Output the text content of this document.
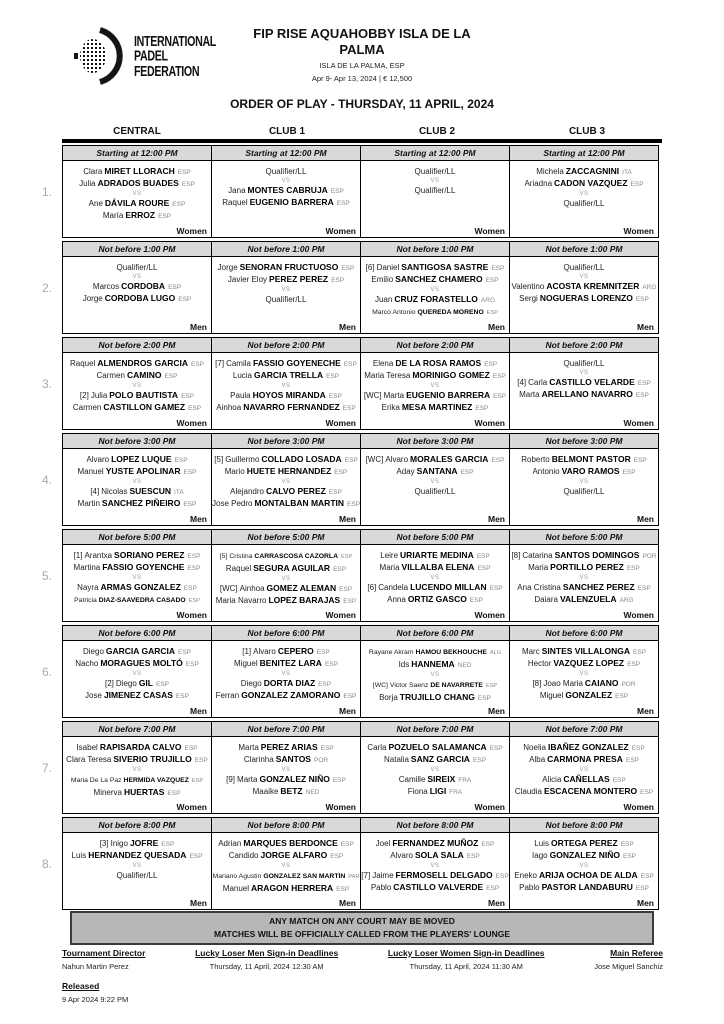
INTERNATIONAL
PADEL
FEDERATION
FIP RISE AQUAHOBBY ISLA DE LA PALMA
ISLA DE LA PALMA, ESP
Apr 9- Apr 13, 2024 | € 12,500
ORDER OF PLAY - THURSDAY, 11 APRIL, 2024
CENTRAL	CLUB 1	CLUB 2	CLUB 3
1.
Starting at 12:00 PM
Clara MIRET LLORACH ESP
Julia ADRADOS BUADES ESP
VS
Ane DÁVILA ROURE ESP
María ERROZ ESP
Women
Starting at 12:00 PM
Qualifier/LL
VS
Jana MONTES CABRUJA ESP
Raquel EUGENIO BARRERA ESP
Women
Starting at 12:00 PM
Qualifier/LL
VS
Qualifier/LL
Women
Starting at 12:00 PM
Michela ZACCAGNINI ITA
Ariadna CADON VAZQUEZ ESP
VS
Qualifier/LL
Women
2.
Not before 1:00 PM
Qualifier/LL
VS
Marcos CORDOBA ESP
Jorge CORDOBA LUGO ESP
Men
Not before 1:00 PM
Jorge SENORAN FRUCTUOSO ESP
Javier Eloy PEREZ PEREZ ESP
VS
Qualifier/LL
Men
Not before 1:00 PM
[6] Daniel SANTIGOSA SASTRE ESP
Emilio SANCHEZ CHAMERO ESP
VS
Juan CRUZ FORASTELLO ARG
Marco Antonio QUEREDA MORENO ESP
Men
Not before 1:00 PM
Qualifier/LL
VS
Valentino ACOSTA KREMNITZER ARG
Sergi NOGUERAS LORENZO ESP
Men
3.
Not before 2:00 PM
Raquel ALMENDROS GARCIA ESP
Carmen CAMINO ESP
VS
[2] Julia POLO BAUTISTA ESP
Carmen CASTILLON GAMEZ ESP
Women
Not before 2:00 PM
[7] Camila FASSIO GOYENECHE ESP
Lucia GARCIA TRELLA ESP
VS
Paula HOYOS MIRANDA ESP
Ainhoa NAVARRO FERNANDEZ ESP
Women
Not before 2:00 PM
Elena DE LA ROSA RAMOS ESP
Maria Teresa MORINIGO GOMEZ ESP
VS
[WC] Marta EUGENIO BARRERA ESP
Erika MESA MARTINEZ ESP
Women
Not before 2:00 PM
Qualifier/LL
VS
[4] Carla CASTILLO VELARDE ESP
Marta ARELLANO NAVARRO ESP
Women
4.
Not before 3:00 PM
Alvaro LOPEZ LUQUE ESP
Manuel YUSTE APOLINAR ESP
VS
[4] Nicolas SUESCUN ITA
Martin SANCHEZ PIÑEIRO ESP
Men
Not before 3:00 PM
[5] Guillermo COLLADO LOSADA ESP
Mario HUETE HERNANDEZ ESP
VS
Alejandro CALVO PEREZ ESP
Jose Pedro MONTALBAN MARTIN ESP
Men
Not before 3:00 PM
[WC] Alvaro MORALES GARCIA ESP
Aday SANTANA ESP
VS
Qualifier/LL
Men
Not before 3:00 PM
Roberto BELMONT PASTOR ESP
Antonio VARO RAMOS ESP
VS
Qualifier/LL
Men
5.
Not before 5:00 PM
[1] Arantxa SORIANO PEREZ ESP
Martina FASSIO GOYENCHE ESP
VS
Nayra ARMAS GONZALEZ ESP
Patricia DIAZ-SAAVEDRA CASADO ESP
Women
Not before 5:00 PM
[5] Cristina CARRASCOSA CAZORLA ESP
Raquel SEGURA AGUILAR ESP
VS
[WC] Ainhoa GOMEZ ALEMAN ESP
Maria Navarro LOPEZ BARAJAS ESP
Women
Not before 5:00 PM
Leire URIARTE MEDINA ESP
Maria VILLALBA ELENA ESP
VS
[6] Candela LUCENDO MILLAN ESP
Anna ORTIZ GASCO ESP
Women
Not before 5:00 PM
[8] Catarina SANTOS DOMINGOS POR
Maria PORTILLO PEREZ ESP
VS
Ana Cristina SANCHEZ PEREZ ESP
Daiara VALENZUELA ARG
Women
6.
Not before 6:00 PM
Diego GARCIA GARCIA ESP
Nacho MORAGUES MOLTÓ ESP
VS
[2] Diego GIL ESP
Jose JIMENEZ CASAS ESP
Men
Not before 6:00 PM
[1] Alvaro CEPERO ESP
Miguel BENITEZ LARA ESP
VS
Diego DORTA DIAZ ESP
Ferran GONZALEZ ZAMORANO ESP
Men
Not before 6:00 PM
Rayane Akram HAMOU BEKHOUCHE ALG
Ids HANNEMA NED
VS
[WC] Victor Saenz DE NAVARRETE ESP
Borja TRUJILLO CHANG ESP
Men
Not before 6:00 PM
Marc SINTES VILLALONGA ESP
Hector VAZQUEZ LOPEZ ESP
VS
[8] Joao Maria CAIANO POR
Miguel GONZALEZ ESP
Men
7.
Not before 7:00 PM
Isabel RAPISARDA CALVO ESP
Clara Teresa SIVERIO TRUJILLO ESP
VS
Maria De La Paz HERMIDA VAZQUEZ ESP
Minerva HUERTAS ESP
Women
Not before 7:00 PM
Marta PEREZ ARIAS ESP
Clarinha SANTOS POR
VS
[9] Marta GONZALEZ NIÑO ESP
Maaike BETZ NED
Women
Not before 7:00 PM
Carla POZUELO SALAMANCA ESP
Natalia SANZ GARCIA ESP
VS
Camille SIREIX FRA
Fiona LIGI FRA
Women
Not before 7:00 PM
Noelia IBAÑEZ GONZALEZ ESP
Alba CARMONA PRESA ESP
VS
Alicia CAÑELLAS ESP
Claudia ESCACENA MONTERO ESP
Women
8.
Not before 8:00 PM
[3] Inigo JOFRE ESP
Luis HERNANDEZ QUESADA ESP
VS
Qualifier/LL
Men
Not before 8:00 PM
Adrian MARQUES BERDONCE ESP
Candido JORGE ALFARO ESP
VS
Mariano Agustin GONZALEZ SAN MARTIN PAR
Manuel ARAGON HERRERA ESP
Men
Not before 8:00 PM
Joel FERNANDEZ MUÑOZ ESP
Alvaro SOLA SALA ESP
VS
[7] Jaime FERMOSELL DELGADO ESP
Pablo CASTILLO VALVERDE ESP
Men
Not before 8:00 PM
Luis ORTEGA PEREZ ESP
Iago GONZALEZ NIÑO ESP
VS
Eneko ARIJA OCHOA DE ALDA ESP
Pablo PASTOR LANDABURU ESP
Men
ANY MATCH ON ANY COURT MAY BE MOVED
MATCHES WILL BE OFFICIALLY CALLED FROM THE PLAYERS' LOUNGE
Tournament Director
Nahun Martin Perez
Released
9 Apr 2024 9:22 PM
Lucky Loser Men Sign-in Deadlines
Thursday, 11 April, 2024 12:30 AM
Lucky Loser Women Sign-in Deadlines
Thursday, 11 April, 2024 11:30 AM
Main Referee
Jose Miguel Sanchiz
